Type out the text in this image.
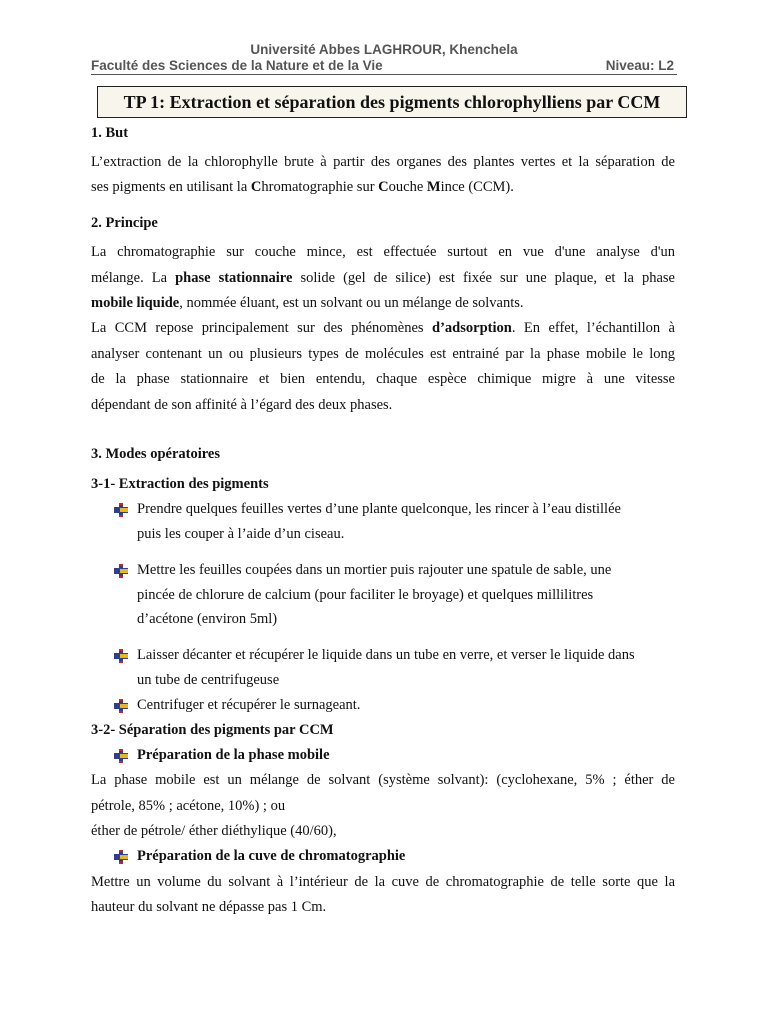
Université Abbes LAGHROUR, Khenchela
Faculté des Sciences de la Nature et de la Vie	Niveau: L2
TP 1: Extraction et séparation des pigments chlorophylliens par CCM
1. But
L’extraction de la chlorophylle brute à partir des organes des plantes vertes et la séparation de
ses pigments en utilisant la Chromatographie sur Couche Mince (CCM).
2. Principe
La chromatographie sur couche mince, est effectuée surtout en vue d'une analyse d'un
mélange. La phase stationnaire solide (gel de silice) est fixée sur une plaque, et la phase
mobile liquide, nommée éluant, est un solvant ou un mélange de solvants.
La CCM repose principalement sur des phénomènes d’adsorption. En effet, l’échantillon à
analyser contenant un ou plusieurs types de molécules est entrainé par la phase mobile le long
de la phase stationnaire et bien entendu, chaque espèce chimique migre à une vitesse
dépendant de son affinité à l’égard des deux phases.
3. Modes opératoires
3-1- Extraction des pigments
Prendre quelques feuilles vertes d’une plante quelconque, les rincer à l’eau distillée
puis les couper à l’aide d’un ciseau.
Mettre les feuilles coupées dans un mortier puis rajouter une spatule de sable, une
pincée de chlorure de calcium (pour faciliter le broyage) et quelques millilitres
d’acétone (environ 5ml)
Laisser décanter et récupérer le liquide dans un tube en verre, et verser le liquide dans
un tube de centrifugeuse
Centrifuger et récupérer le surnageant.
3-2- Séparation des pigments par CCM
Préparation de la phase mobile
La phase mobile est un mélange de solvant (système solvant): (cyclohexane, 5% ; éther de
pétrole, 85% ; acétone, 10%) ; ou
éther de pétrole/ éther diéthylique (40/60),
Préparation de la cuve de chromatographie
Mettre un volume du solvant à l’intérieur de la cuve de chromatographie de telle sorte que la
hauteur du solvant ne dépasse pas 1 Cm.
